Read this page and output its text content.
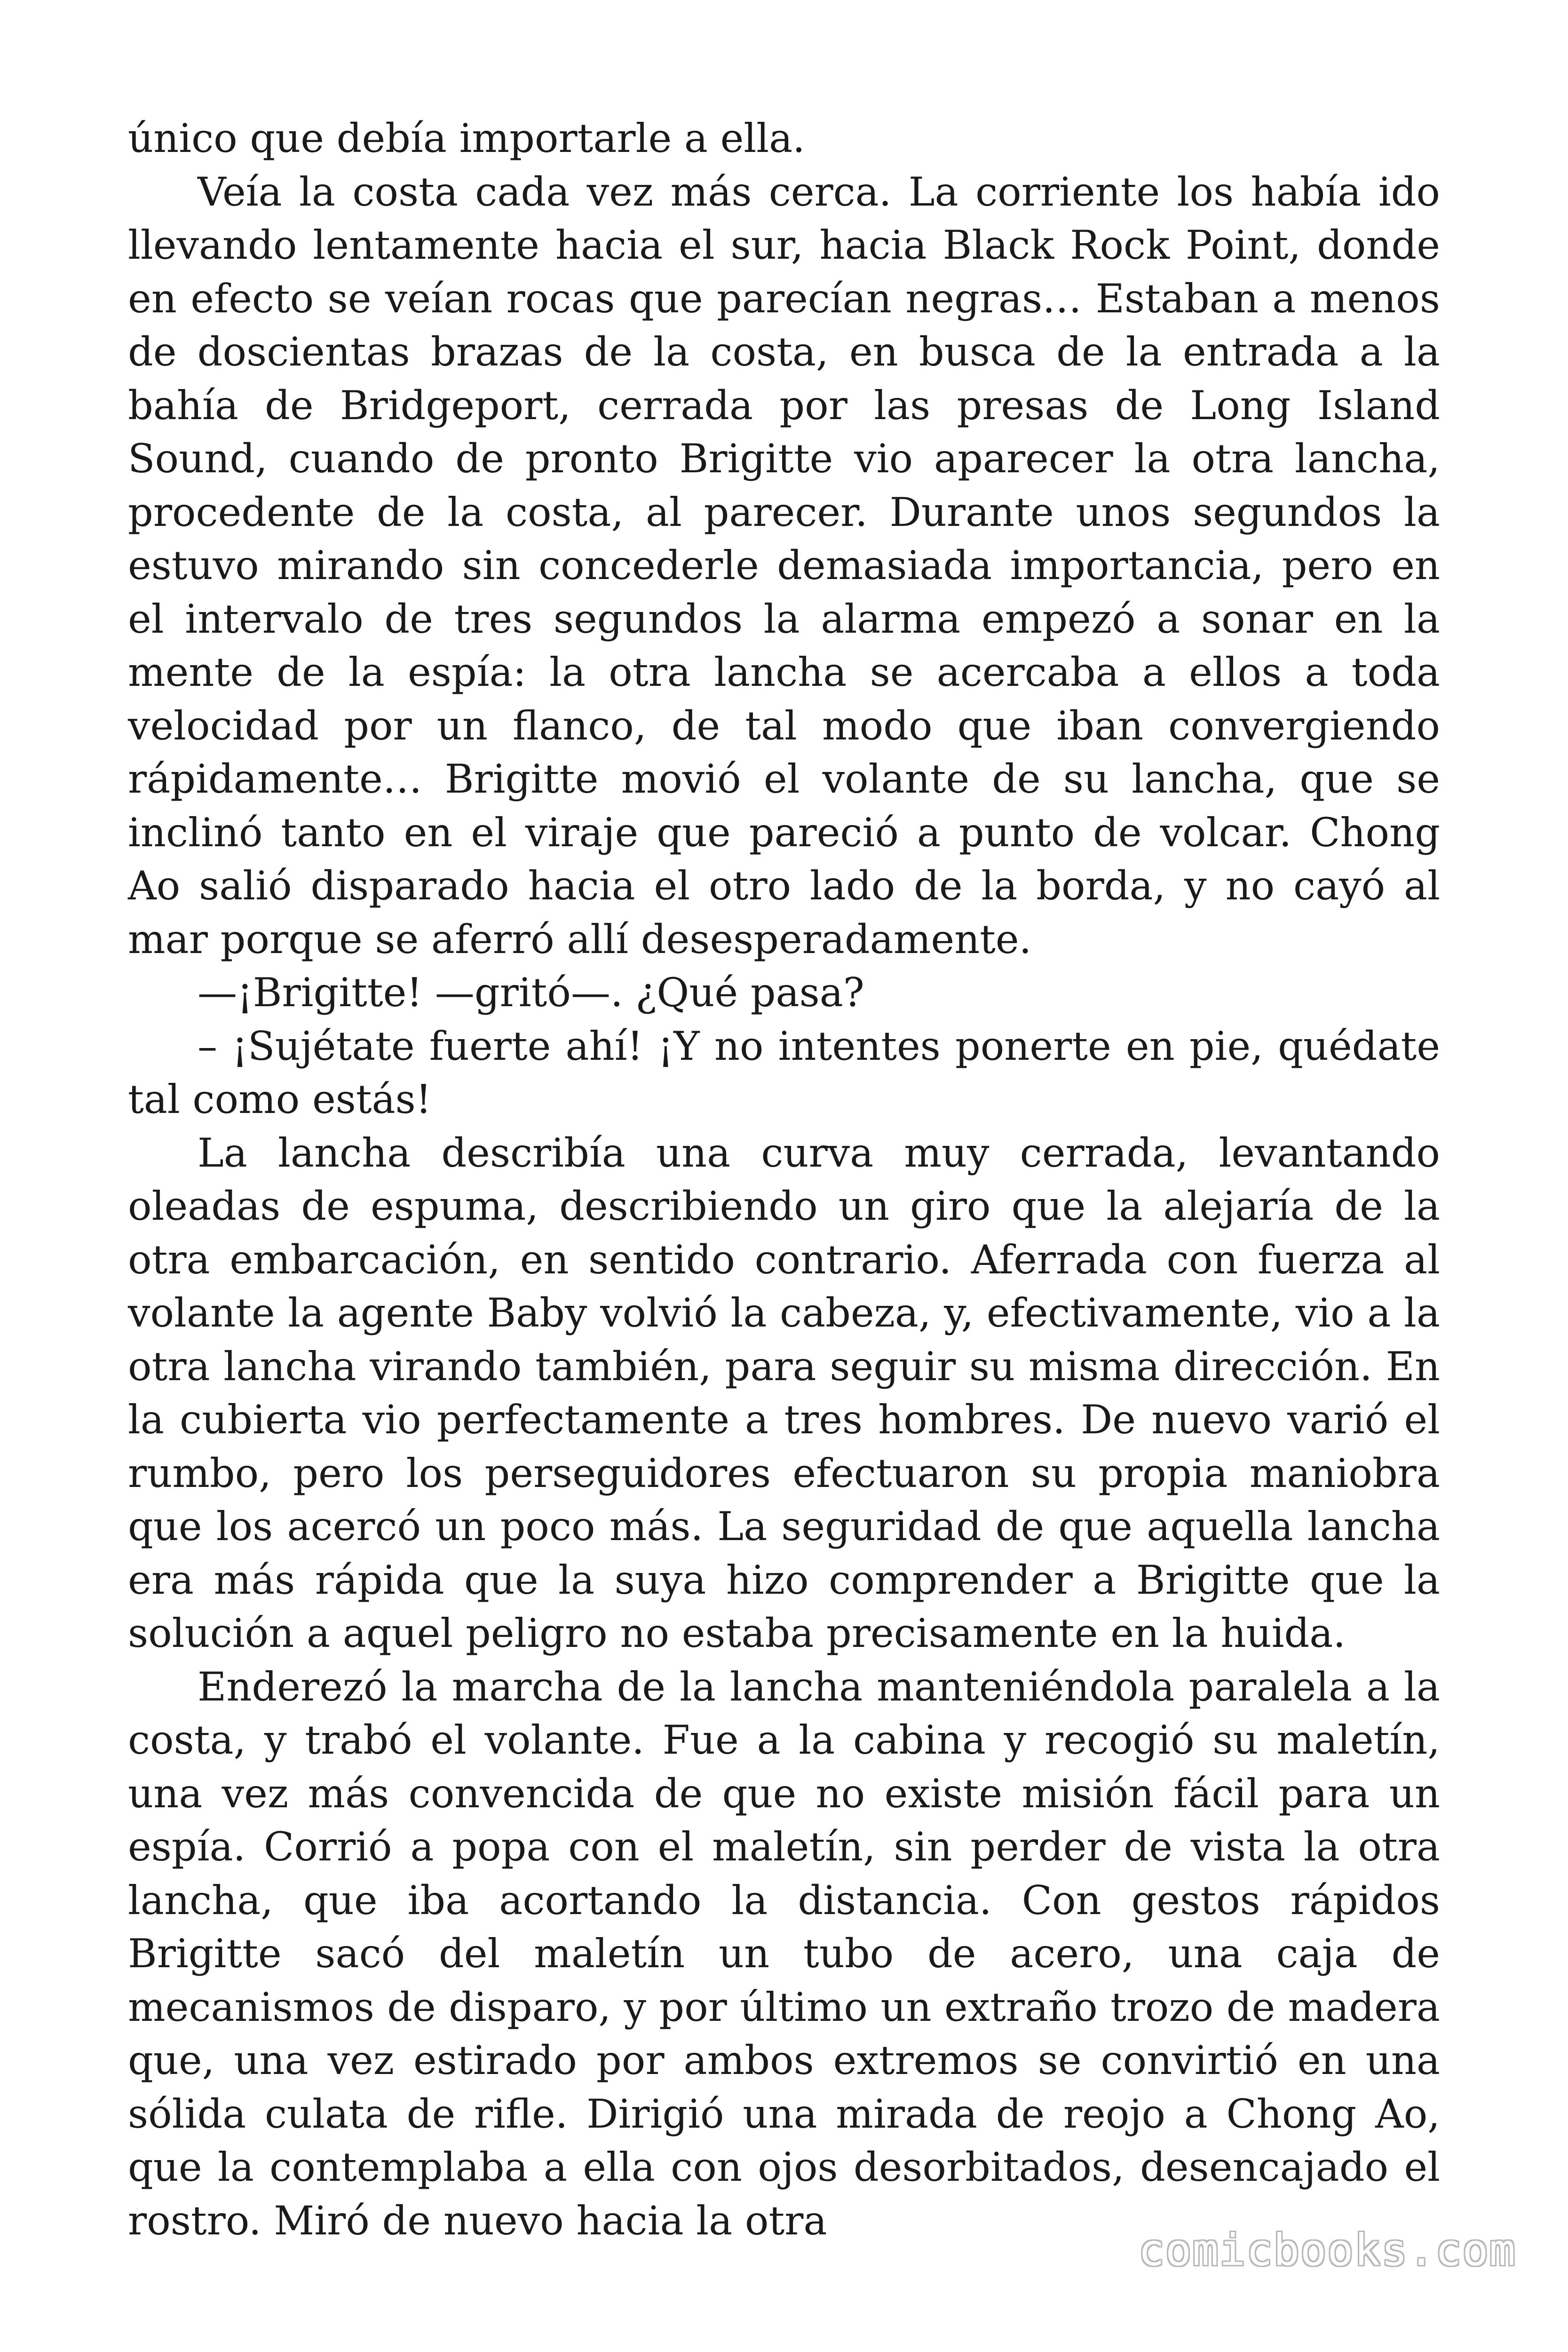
único que debía importarle a ella.

Veía la costa cada vez más cerca. La corriente los había ido llevando lentamente hacia el sur, hacia Black Rock Point, donde en efecto se veían rocas que parecían negras… Estaban a menos de doscientas brazas de la costa, en busca de la entrada a la bahía de Bridgeport, cerrada por las presas de Long Island Sound, cuando de pronto Brigitte vio aparecer la otra lancha, procedente de la costa, al parecer. Durante unos segundos la estuvo mirando sin concederle demasiada importancia, pero en el intervalo de tres segundos la alarma empezó a sonar en la mente de la espía: la otra lancha se acercaba a ellos a toda velocidad por un flanco, de tal modo que iban convergiendo rápidamente… Brigitte movió el volante de su lancha, que se inclinó tanto en el viraje que pareció a punto de volcar. Chong Ao salió disparado hacia el otro lado de la borda, y no cayó al mar porque se aferró allí desesperadamente.

—¡Brigitte! —gritó—. ¿Qué pasa?

– ¡Sujétate fuerte ahí! ¡Y no intentes ponerte en pie, quédate tal como estás!

La lancha describía una curva muy cerrada, levantando oleadas de espuma, describiendo un giro que la alejaría de la otra embarcación, en sentido contrario. Aferrada con fuerza al volante la agente Baby volvió la cabeza, y, efectivamente, vio a la otra lancha virando también, para seguir su misma dirección. En la cubierta vio perfectamente a tres hombres. De nuevo varió el rumbo, pero los perseguidores efectuaron su propia maniobra que los acercó un poco más. La seguridad de que aquella lancha era más rápida que la suya hizo comprender a Brigitte que la solución a aquel peligro no estaba precisamente en la huida.

Enderezó la marcha de la lancha manteniéndola paralela a la costa, y trabó el volante. Fue a la cabina y recogió su maletín, una vez más convencida de que no existe misión fácil para un espía. Corrió a popa con el maletín, sin perder de vista la otra lancha, que iba acortando la distancia. Con gestos rápidos Brigitte sacó del maletín un tubo de acero, una caja de mecanismos de disparo, y por último un extraño trozo de madera que, una vez estirado por ambos extremos se convirtió en una sólida culata de rifle. Dirigió una mirada de reojo a Chong Ao, que la contemplaba a ella con ojos desorbitados, desencajado el rostro. Miró de nuevo hacia la otra

comicbooks.com
